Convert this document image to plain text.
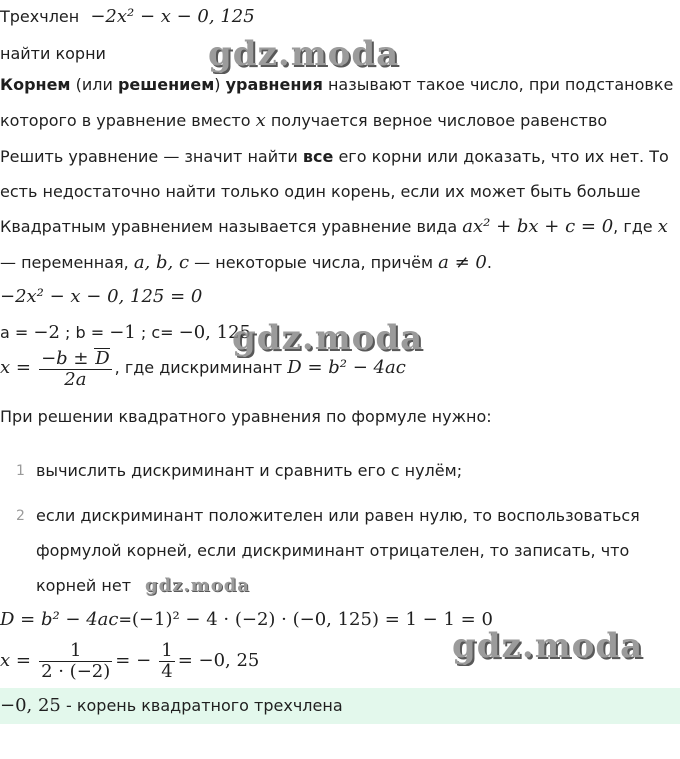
Трехчлен −2x² − x − 0, 125
найти корни	gdz.moda
Корнем (или решением) уравнения называют такое число, при подстановке
которого в уравнение вместо x получается верное числовое равенство
Решить уравнение — значит найти все его корни или доказать, что их нет. То
есть недостаточно найти только один корень, если их может быть больше
Квадратным уравнением называется уравнение вида ax² + bx + c = 0, где x
— переменная, a, b, c — некоторые числа, причём a ≠ 0.
−2x² − x − 0, 125 = 0
a = −2 ; b = −1 ; c= −0, 125
gdz.moda
$x = \frac{-b \pm D}{2a}$ , где дискриминант D = b² − 4ac
При решении квадратного уравнения по формуле нужно:
1 вычислить дискриминант и сравнить его с нулём;
2 если дискриминант положителен или равен нулю, то воспользоваться
формулой корней, если дискриминант отрицателен, то записать, что
корней нет gdz.moda
D = b² − 4ac=(−1)² − 4 · (−2) · (−0, 125) = 1 − 1 = 0
$x = \frac{1}{2 \cdot (-2)}$ = − $\frac{1}{4} = -0$, 25	gdz.moda
−0, 25 - корень квадратного трехчлена
